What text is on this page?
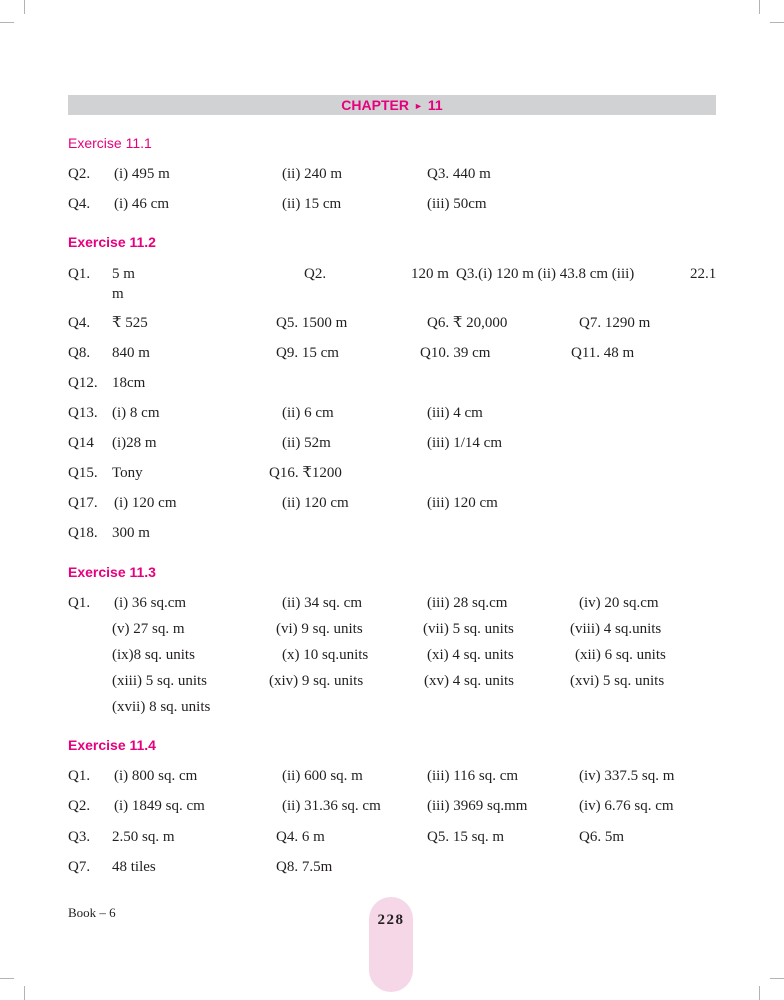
CHAPTER ► 11
Exercise 11.1
Q2. (i) 495 m	(ii) 240 m	Q3. 440 m
Q4. (i) 46 cm	(ii) 15 cm	(iii) 50cm
Exercise 11.2
Q1. 5 m	Q2.	120 m Q3.(i) 120 m (ii) 43.8 cm (iii)	22.1
m
Q4. ₹ 525	Q5. 1500 m	Q6. ₹ 20,000	Q7. 1290 m
Q8. 840 m	Q9. 15 cm	Q10. 39 cm	Q11. 48 m
Q12. 18cm
Q13. (i) 8 cm	(ii) 6 cm	(iii) 4 cm
Q14 (i)28 m	(ii) 52m	(iii) 1/14 cm
Q15. Tony	Q16. ₹1200
Q17. (i) 120 cm	(ii) 120 cm	(iii) 120 cm
Q18. 300 m
Exercise 11.3
Q1. (i) 36 sq.cm	(ii) 34 sq. cm	(iii) 28 sq.cm	(iv) 20 sq.cm
(v) 27 sq. m	(vi) 9 sq. units	(vii) 5 sq. units	(viii) 4 sq.units
(ix)8 sq. units	(x) 10 sq.units	(xi) 4 sq. units	(xii) 6 sq. units
(xiii) 5 sq. units	(xiv) 9 sq. units	(xv) 4 sq. units	(xvi) 5 sq. units
(xvii) 8 sq. units
Exercise 11.4
Q1. (i) 800 sq. cm	(ii) 600 sq. m	(iii) 116 sq. cm	(iv) 337.5 sq. m
Q2. (i) 1849 sq. cm	(ii) 31.36 sq. cm	(iii) 3969 sq.mm	(iv) 6.76 sq. cm
Q3. 2.50 sq. m	Q4. 6 m	Q5. 15 sq. m	Q6. 5m
Q7. 48 tiles	Q8. 7.5m
Book – 6	228
